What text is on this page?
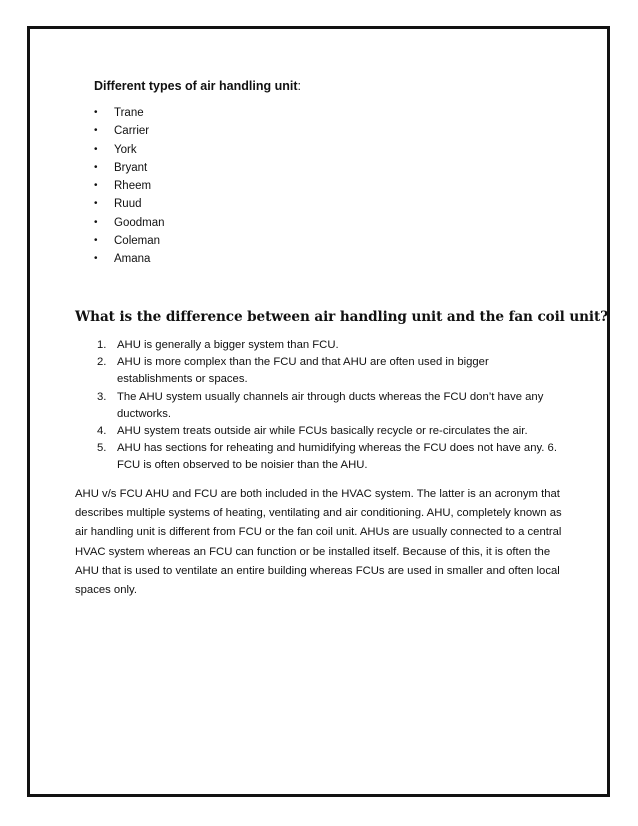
Different types of air handling unit:

• Trane
• Carrier
• York
• Bryant
• Rheem
• Ruud
• Goodman
• Coleman
• Amana
What is the difference between air handling unit and the fan coil unit?
1. AHU is generally a bigger system than FCU.
2. AHU is more complex than the FCU and that AHU are often used in bigger establishments or spaces.
3. The AHU system usually channels air through ducts whereas the FCU don’t have any ductworks.
4. AHU system treats outside air while FCUs basically recycle or re-circulates the air.
5. AHU has sections for reheating and humidifying whereas the FCU does not have any. 6. FCU is often observed to be noisier than the AHU.

AHU v/s FCU AHU and FCU are both included in the HVAC system. The latter is an acronym that describes multiple systems of heating, ventilating and air conditioning. AHU, completely known as air handling unit is different from FCU or the fan coil unit. AHUs are usually connected to a central HVAC system whereas an FCU can function or be installed itself. Because of this, it is often the AHU that is used to ventilate an entire building whereas FCUs are used in smaller and often local spaces only.
